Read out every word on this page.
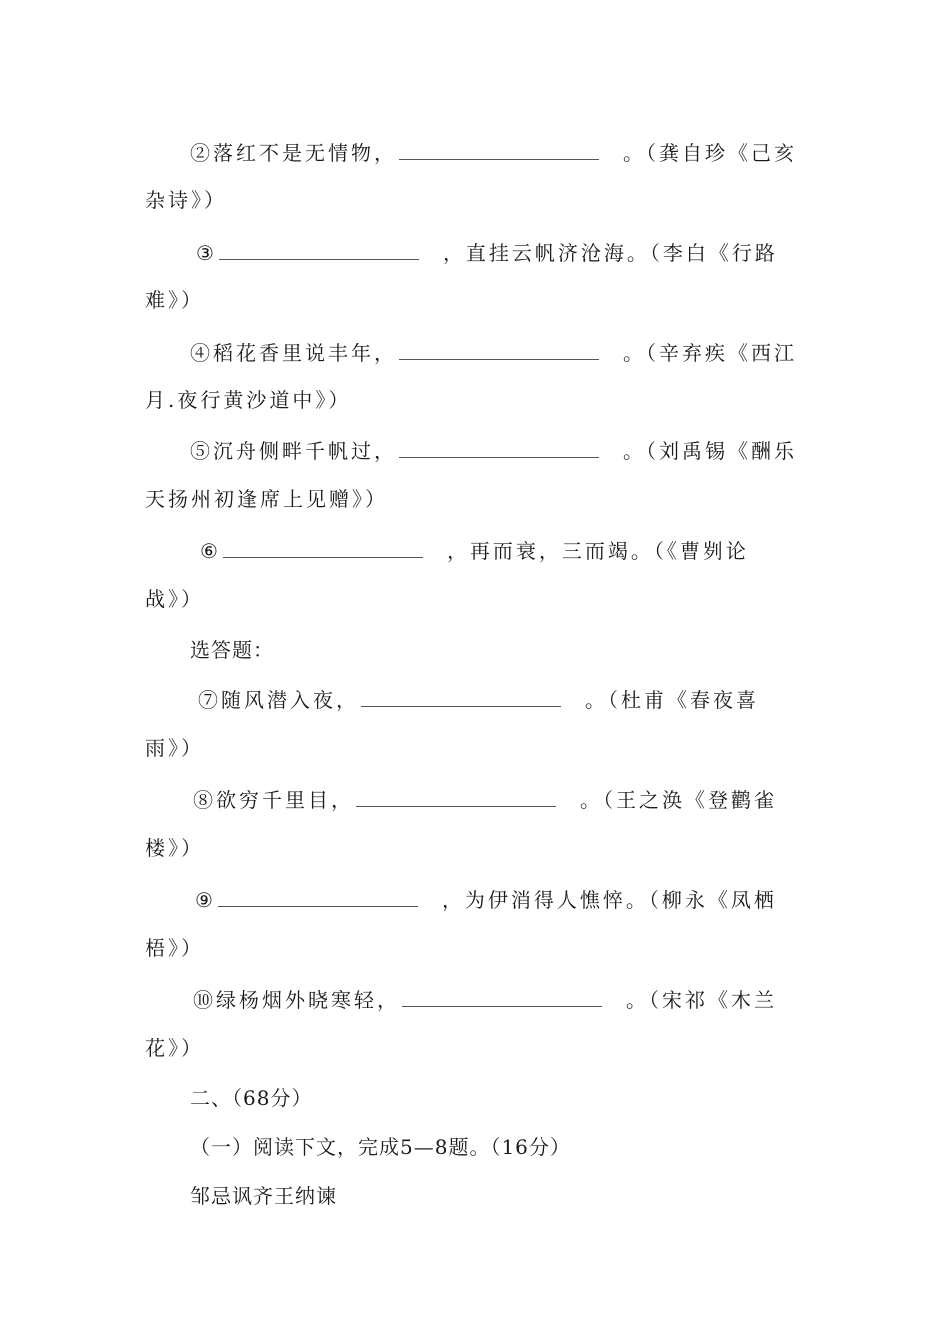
②落红不是无情物，	。（龚自珍《己亥
杂诗》）
③	，直挂云帆济沧海。（李白《行路
难》）
④稻花香里说丰年，	。（辛弃疾《西江
月.夜行黄沙道中》）
⑤沉舟侧畔千帆过，	。（刘禹锡《酬乐
天扬州初逢席上见赠》）
⑥	，再而衰，三而竭。（《曹刿论
战》）
选答题：
⑦随风潜入夜，	。（杜甫《春夜喜
雨》）
⑧欲穷千里目，	。（王之涣《登鹳雀
楼》）
⑨	，为伊消得人憔悴。（柳永《凤栖
梧》）
⑩绿杨烟外晓寒轻，	。（宋祁《木兰
花》）
二、（68分）
（一）阅读下文，完成5—8题。（16分）
邹忌讽齐王纳谏
